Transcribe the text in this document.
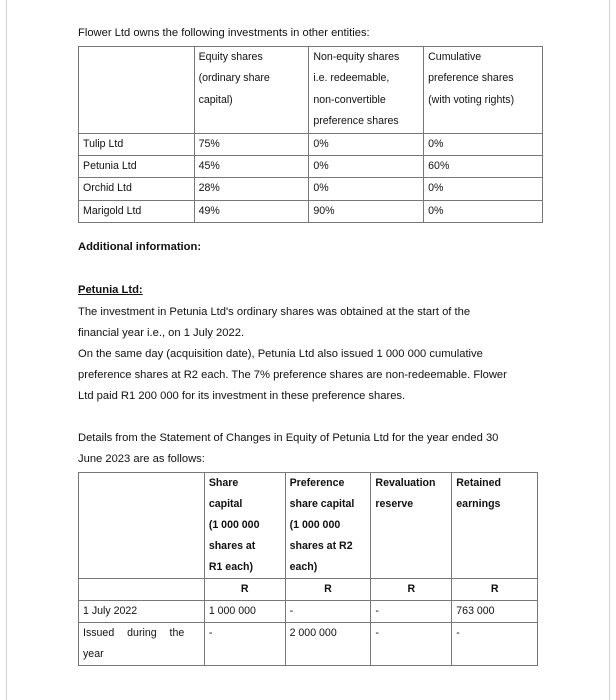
Flower Ltd owns the following investments in other entities:

	Equity shares
(ordinary share
capital)	Non-equity shares
i.e. redeemable,
non-convertible
preference shares	Cumulative
preference shares
(with voting rights)

Tulip Ltd	75%	0%	0%
Petunia Ltd	45%	0%	60%
Orchid Ltd	28%	0%	0%
Marigold Ltd	49%	90%	0%
Additional information:
Petunia Ltd:
The investment in Petunia Ltd's ordinary shares was obtained at the start of the
financial year i.e., on 1 July 2022.
On the same day (acquisition date), Petunia Ltd also issued 1 000 000 cumulative
preference shares at R2 each. The 7% preference shares are non-redeemable. Flower
Ltd paid R1 200 000 for its investment in these preference shares.
Details from the Statement of Changes in Equity of Petunia Ltd for the year ended 30
June 2023 are as follows:

	Share
capital
(1 000 000
shares at
R1 each)	Preference
share capital
(1 000 000
shares at R2
each)	Revaluation
reserve	Retained
earnings

	R	R	R	R
1 July 2022	1 000 000	-	-	763 000

Issued during the
year	-	2 000 000	-	-
